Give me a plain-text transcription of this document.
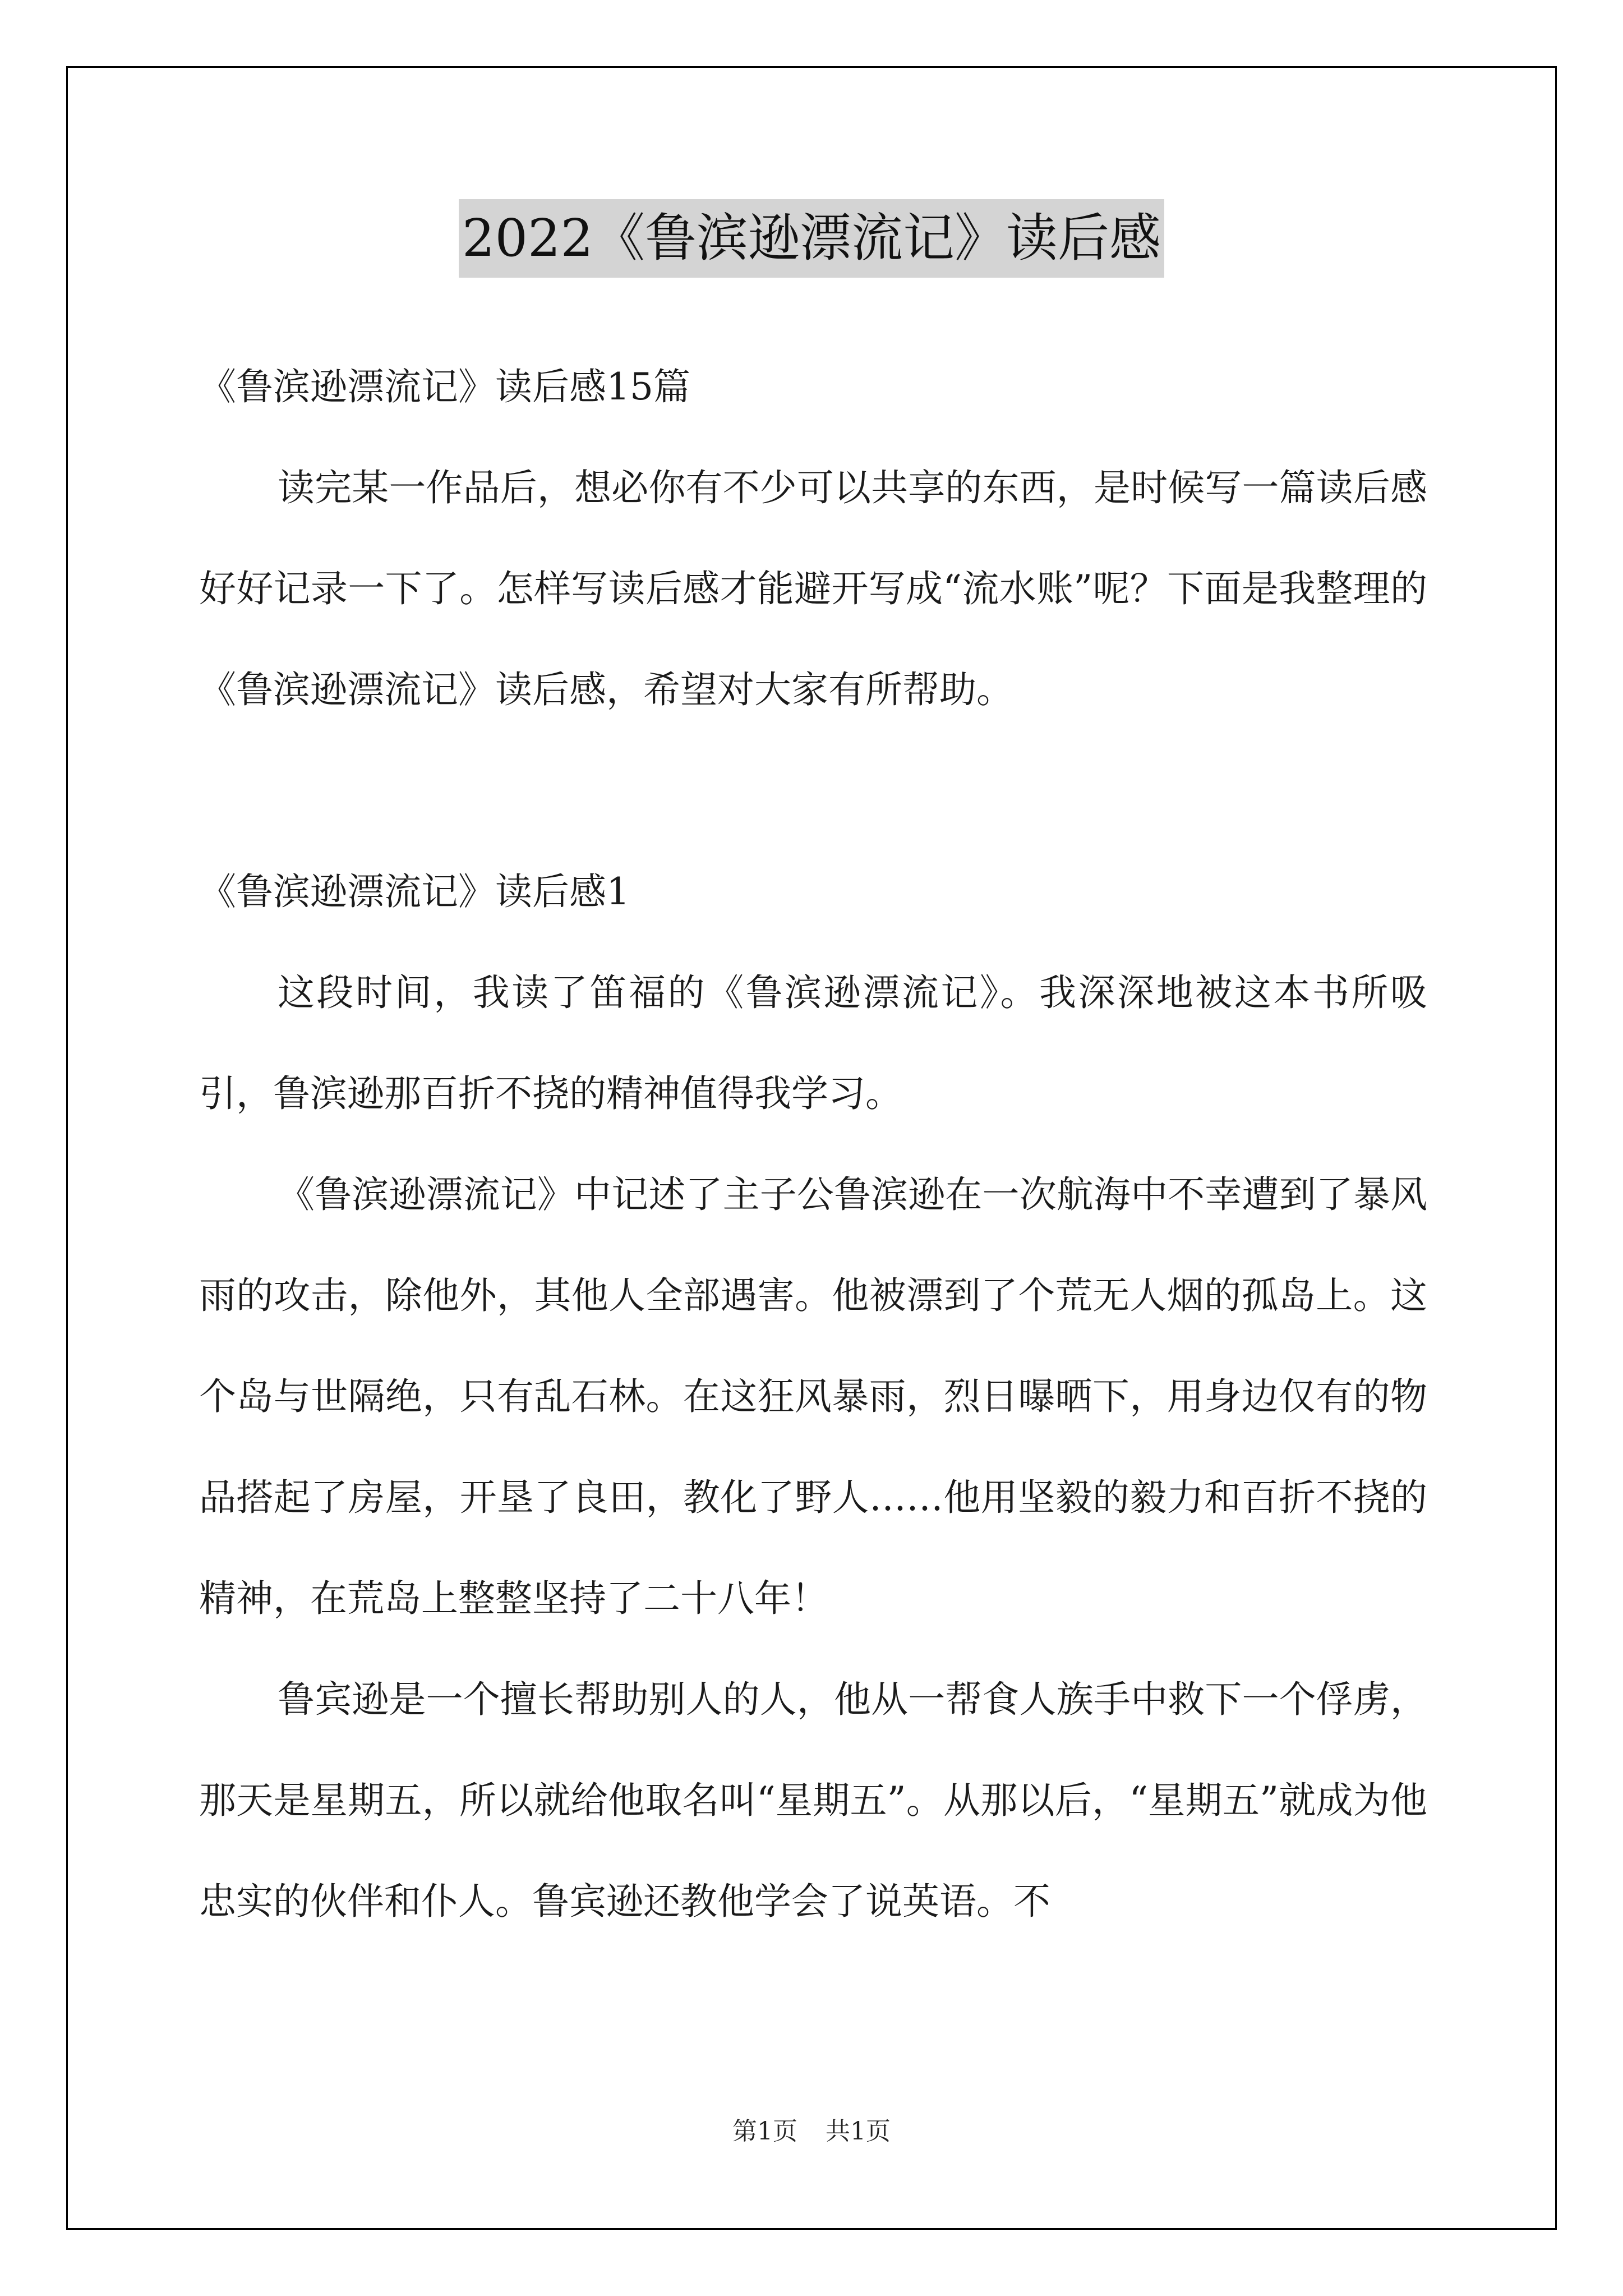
2022《鲁滨逊漂流记》读后感

《鲁滨逊漂流记》读后感15篇

读完某一作品后，想必你有不少可以共享的东西，是时候写一篇读后感好好记录一下了。怎样写读后感才能避开写成“流水账”呢？下面是我整理的《鲁滨逊漂流记》读后感，希望对大家有所帮助。

《鲁滨逊漂流记》读后感1

这段时间，我读了笛福的《鲁滨逊漂流记》。我深深地被这本书所吸引，鲁滨逊那百折不挠的精神值得我学习。

《鲁滨逊漂流记》中记述了主子公鲁滨逊在一次航海中不幸遭到了暴风雨的攻击，除他外，其他人全部遇害。他被漂到了个荒无人烟的孤岛上。这个岛与世隔绝，只有乱石林。在这狂风暴雨，烈日曝晒下，用身边仅有的物品搭起了房屋，开垦了良田，教化了野人……他用坚毅的毅力和百折不挠的精神，在荒岛上整整坚持了二十八年！

鲁宾逊是一个擅长帮助别人的人，他从一帮食人族手中救下一个俘虏，那天是星期五，所以就给他取名叫“星期五”。从那以后，“星期五”就成为他忠实的伙伴和仆人。鲁宾逊还教他学会了说英语。不

第1页 共1页
